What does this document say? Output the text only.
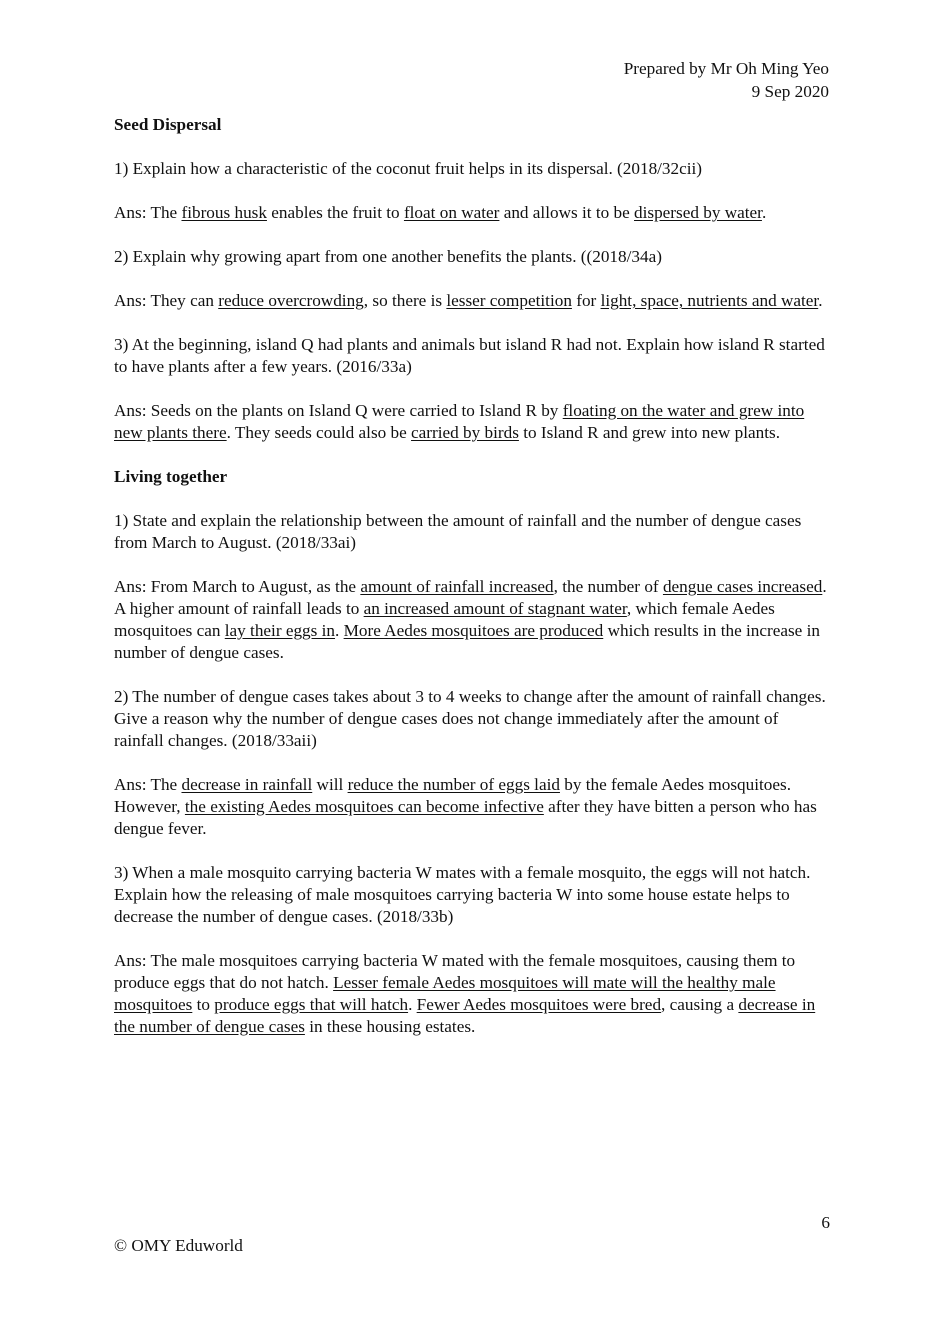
Prepared by Mr Oh Ming Yeo
9 Sep 2020
Seed Dispersal

1) Explain how a characteristic of the coconut fruit helps in its dispersal. (2018/32cii)

Ans: The fibrous husk enables the fruit to float on water and allows it to be dispersed by water.

2) Explain why growing apart from one another benefits the plants. ((2018/34a)

Ans: They can reduce overcrowding, so there is lesser competition for light, space, nutrients and water.

3) At the beginning, island Q had plants and animals but island R had not. Explain how island R started to have plants after a few years. (2016/33a)

Ans: Seeds on the plants on Island Q were carried to Island R by floating on the water and grew into new plants there. They seeds could also be carried by birds to Island R and grew into new plants.

Living together

1) State and explain the relationship between the amount of rainfall and the number of dengue cases from March to August. (2018/33ai)

Ans: From March to August, as the amount of rainfall increased, the number of dengue cases increased. A higher amount of rainfall leads to an increased amount of stagnant water, which female Aedes mosquitoes can lay their eggs in. More Aedes mosquitoes are produced which results in the increase in number of dengue cases.

2) The number of dengue cases takes about 3 to 4 weeks to change after the amount of rainfall changes. Give a reason why the number of dengue cases does not change immediately after the amount of rainfall changes. (2018/33aii)

Ans: The decrease in rainfall will reduce the number of eggs laid by the female Aedes mosquitoes. However, the existing Aedes mosquitoes can become infective after they have bitten a person who has dengue fever.

3) When a male mosquito carrying bacteria W mates with a female mosquito, the eggs will not hatch. Explain how the releasing of male mosquitoes carrying bacteria W into some house estate helps to decrease the number of dengue cases. (2018/33b)

Ans: The male mosquitoes carrying bacteria W mated with the female mosquitoes, causing them to produce eggs that do not hatch. Lesser female Aedes mosquitoes will mate will the healthy male mosquitoes to produce eggs that will hatch. Fewer Aedes mosquitoes were bred, causing a decrease in the number of dengue cases in these housing estates.

6
© OMY Eduworld
